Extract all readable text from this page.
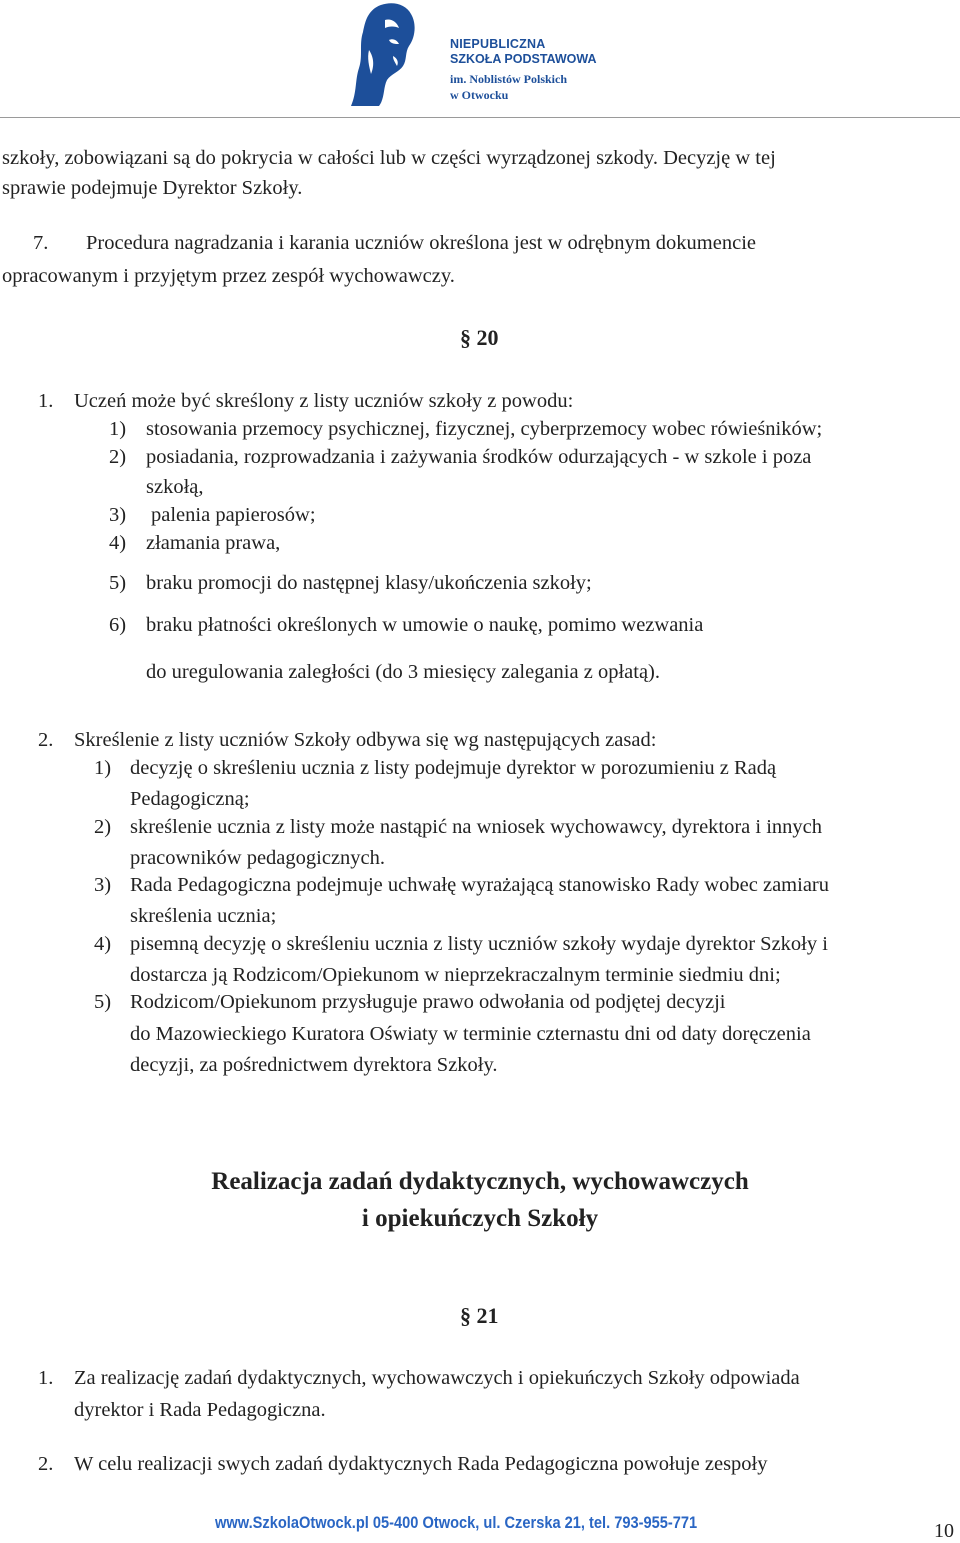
NIEPUBLICZNA
SZKOŁA PODSTAWOWA
im. Noblistów Polskich
w Otwocku
szkoły, zobowiązani są do pokrycia w całości lub w części wyrządzonej szkody. Decyzję w tej
sprawie podejmuje Dyrektor Szkoły.
7. Procedura nagradzania i karania uczniów określona jest w odrębnym dokumencie
opracowanym i przyjętym przez zespół wychowawczy.
§ 20
1. Uczeń może być skreślony z listy uczniów szkoły z powodu:
1) stosowania przemocy psychicznej, fizycznej, cyberprzemocy wobec rówieśników;
2) posiadania, rozprowadzania i zażywania środków odurzających - w szkole i poza
szkołą,
3) palenia papierosów;
4) złamania prawa,
5) braku promocji do następnej klasy/ukończenia szkoły;
6) braku płatności określonych w umowie o naukę, pomimo wezwania
do uregulowania zaległości (do 3 miesięcy zalegania z opłatą).
2. Skreślenie z listy uczniów Szkoły odbywa się wg następujących zasad:
1) decyzję o skreśleniu ucznia z listy podejmuje dyrektor w porozumieniu z Radą
Pedagogiczną;
2) skreślenie ucznia z listy może nastąpić na wniosek wychowawcy, dyrektora i innych
pracowników pedagogicznych.
3) Rada Pedagogiczna podejmuje uchwałę wyrażającą stanowisko Rady wobec zamiaru
skreślenia ucznia;
4) pisemną decyzję o skreśleniu ucznia z listy uczniów szkoły wydaje dyrektor Szkoły i
dostarcza ją Rodzicom/Opiekunom w nieprzekraczalnym terminie siedmiu dni;
5) Rodzicom/Opiekunom przysługuje prawo odwołania od podjętej decyzji
do Mazowieckiego Kuratora Oświaty w terminie czternastu dni od daty doręczenia
decyzji, za pośrednictwem dyrektora Szkoły.
Realizacja zadań dydaktycznych, wychowawczych
i opiekuńczych Szkoły
§ 21
1. Za realizację zadań dydaktycznych, wychowawczych i opiekuńczych Szkoły odpowiada
dyrektor i Rada Pedagogiczna.
2. W celu realizacji swych zadań dydaktycznych Rada Pedagogiczna powołuje zespoły
www.SzkolaOtwock.pl 05-400 Otwock, ul. Czerska 21, tel. 793-955-771	10
